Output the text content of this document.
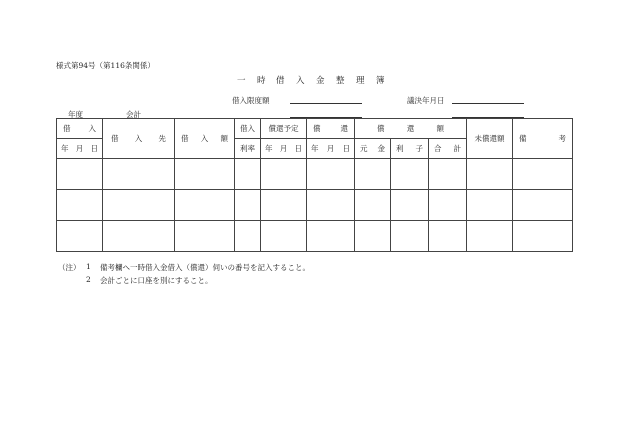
様式第94号（第116条関係）
一 時 借 入 金 整 理 簿
借入限度額	議決年月日
年度	会計
借 入	借 入 先	借 入 額	借入	償還予定	償 還	償 還 額			未償還額	備 考

年 月 日			利率	年 月 日	年 月 日	元 金	利 子	合 計		

（注） 1 備考欄へ一時借入金借入（償還）伺いの番号を記入すること。
2 会計ごとに口座を別にすること。
